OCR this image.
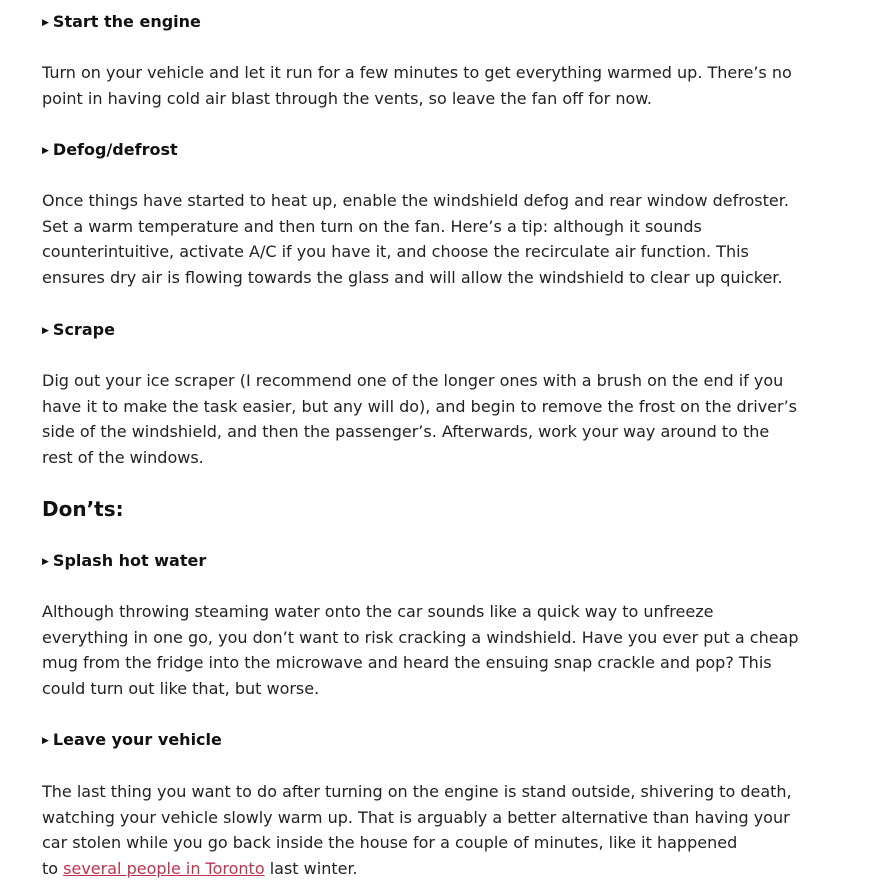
▶ Start the engine
Turn on your vehicle and let it run for a few minutes to get everything warmed up. There’s no
point in having cold air blast through the vents, so leave the fan off for now.
▶ Defog/defrost
Once things have started to heat up, enable the windshield defog and rear window defroster.
Set a warm temperature and then turn on the fan. Here’s a tip: although it sounds
counterintuitive, activate A/C if you have it, and choose the recirculate air function. This
ensures dry air is flowing towards the glass and will allow the windshield to clear up quicker.
▶ Scrape
Dig out your ice scraper (I recommend one of the longer ones with a brush on the end if you
have it to make the task easier, but any will do), and begin to remove the frost on the driver’s
side of the windshield, and then the passenger’s. Afterwards, work your way around to the
rest of the windows.
Don’ts:
▶ Splash hot water
Although throwing steaming water onto the car sounds like a quick way to unfreeze
everything in one go, you don’t want to risk cracking a windshield. Have you ever put a cheap
mug from the fridge into the microwave and heard the ensuing snap crackle and pop? This
could turn out like that, but worse.
▶ Leave your vehicle
The last thing you want to do after turning on the engine is stand outside, shivering to death,
watching your vehicle slowly warm up. That is arguably a better alternative than having your
car stolen while you go back inside the house for a couple of minutes, like it happened
to several people in Toronto last winter.
